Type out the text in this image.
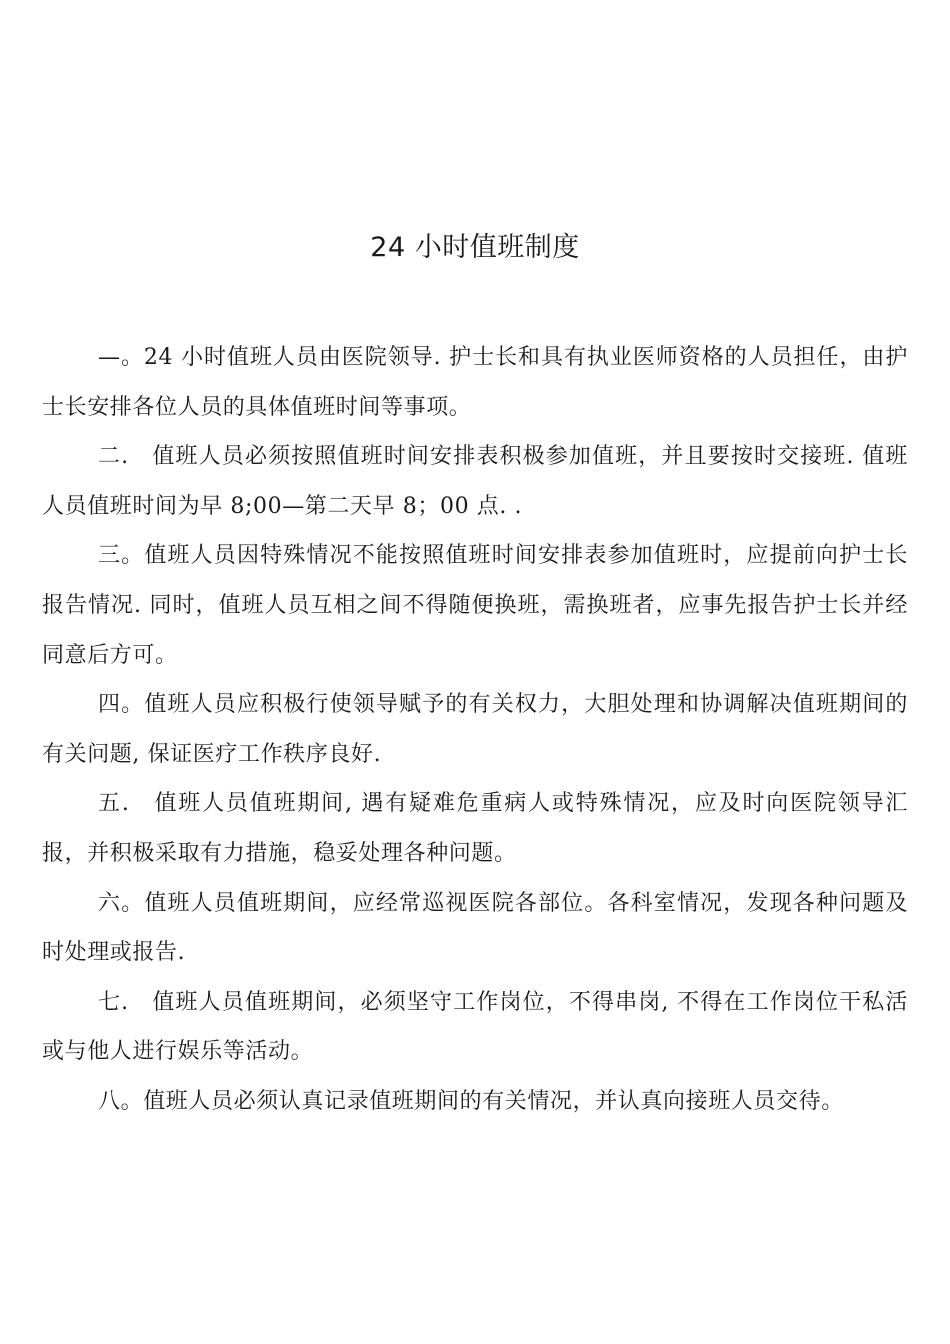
24 小时值班制度

—。24 小时值班人员由医院领导. 护士长和具有执业医师资格的人员担任，由护士长安排各位人员的具体值班时间等事项。

二.　值班人员必须按照值班时间安排表积极参加值班，并且要按时交接班. 值班人员值班时间为早 8;00—第二天早 8；00 点. .

三。值班人员因特殊情况不能按照值班时间安排表参加值班时，应提前向护士长报告情况. 同时，值班人员互相之间不得随便换班，需换班者，应事先报告护士长并经同意后方可。

四。值班人员应积极行使领导赋予的有关权力，大胆处理和协调解决值班期间的有关问题, 保证医疗工作秩序良好.

五.　值班人员值班期间, 遇有疑难危重病人或特殊情况，应及时向医院领导汇报，并积极采取有力措施，稳妥处理各种问题。

六。值班人员值班期间，应经常巡视医院各部位。各科室情况，发现各种问题及时处理或报告.

七.　值班人员值班期间，必须坚守工作岗位，不得串岗, 不得在工作岗位干私活或与他人进行娱乐等活动。

八。值班人员必须认真记录值班期间的有关情况，并认真向接班人员交待。
